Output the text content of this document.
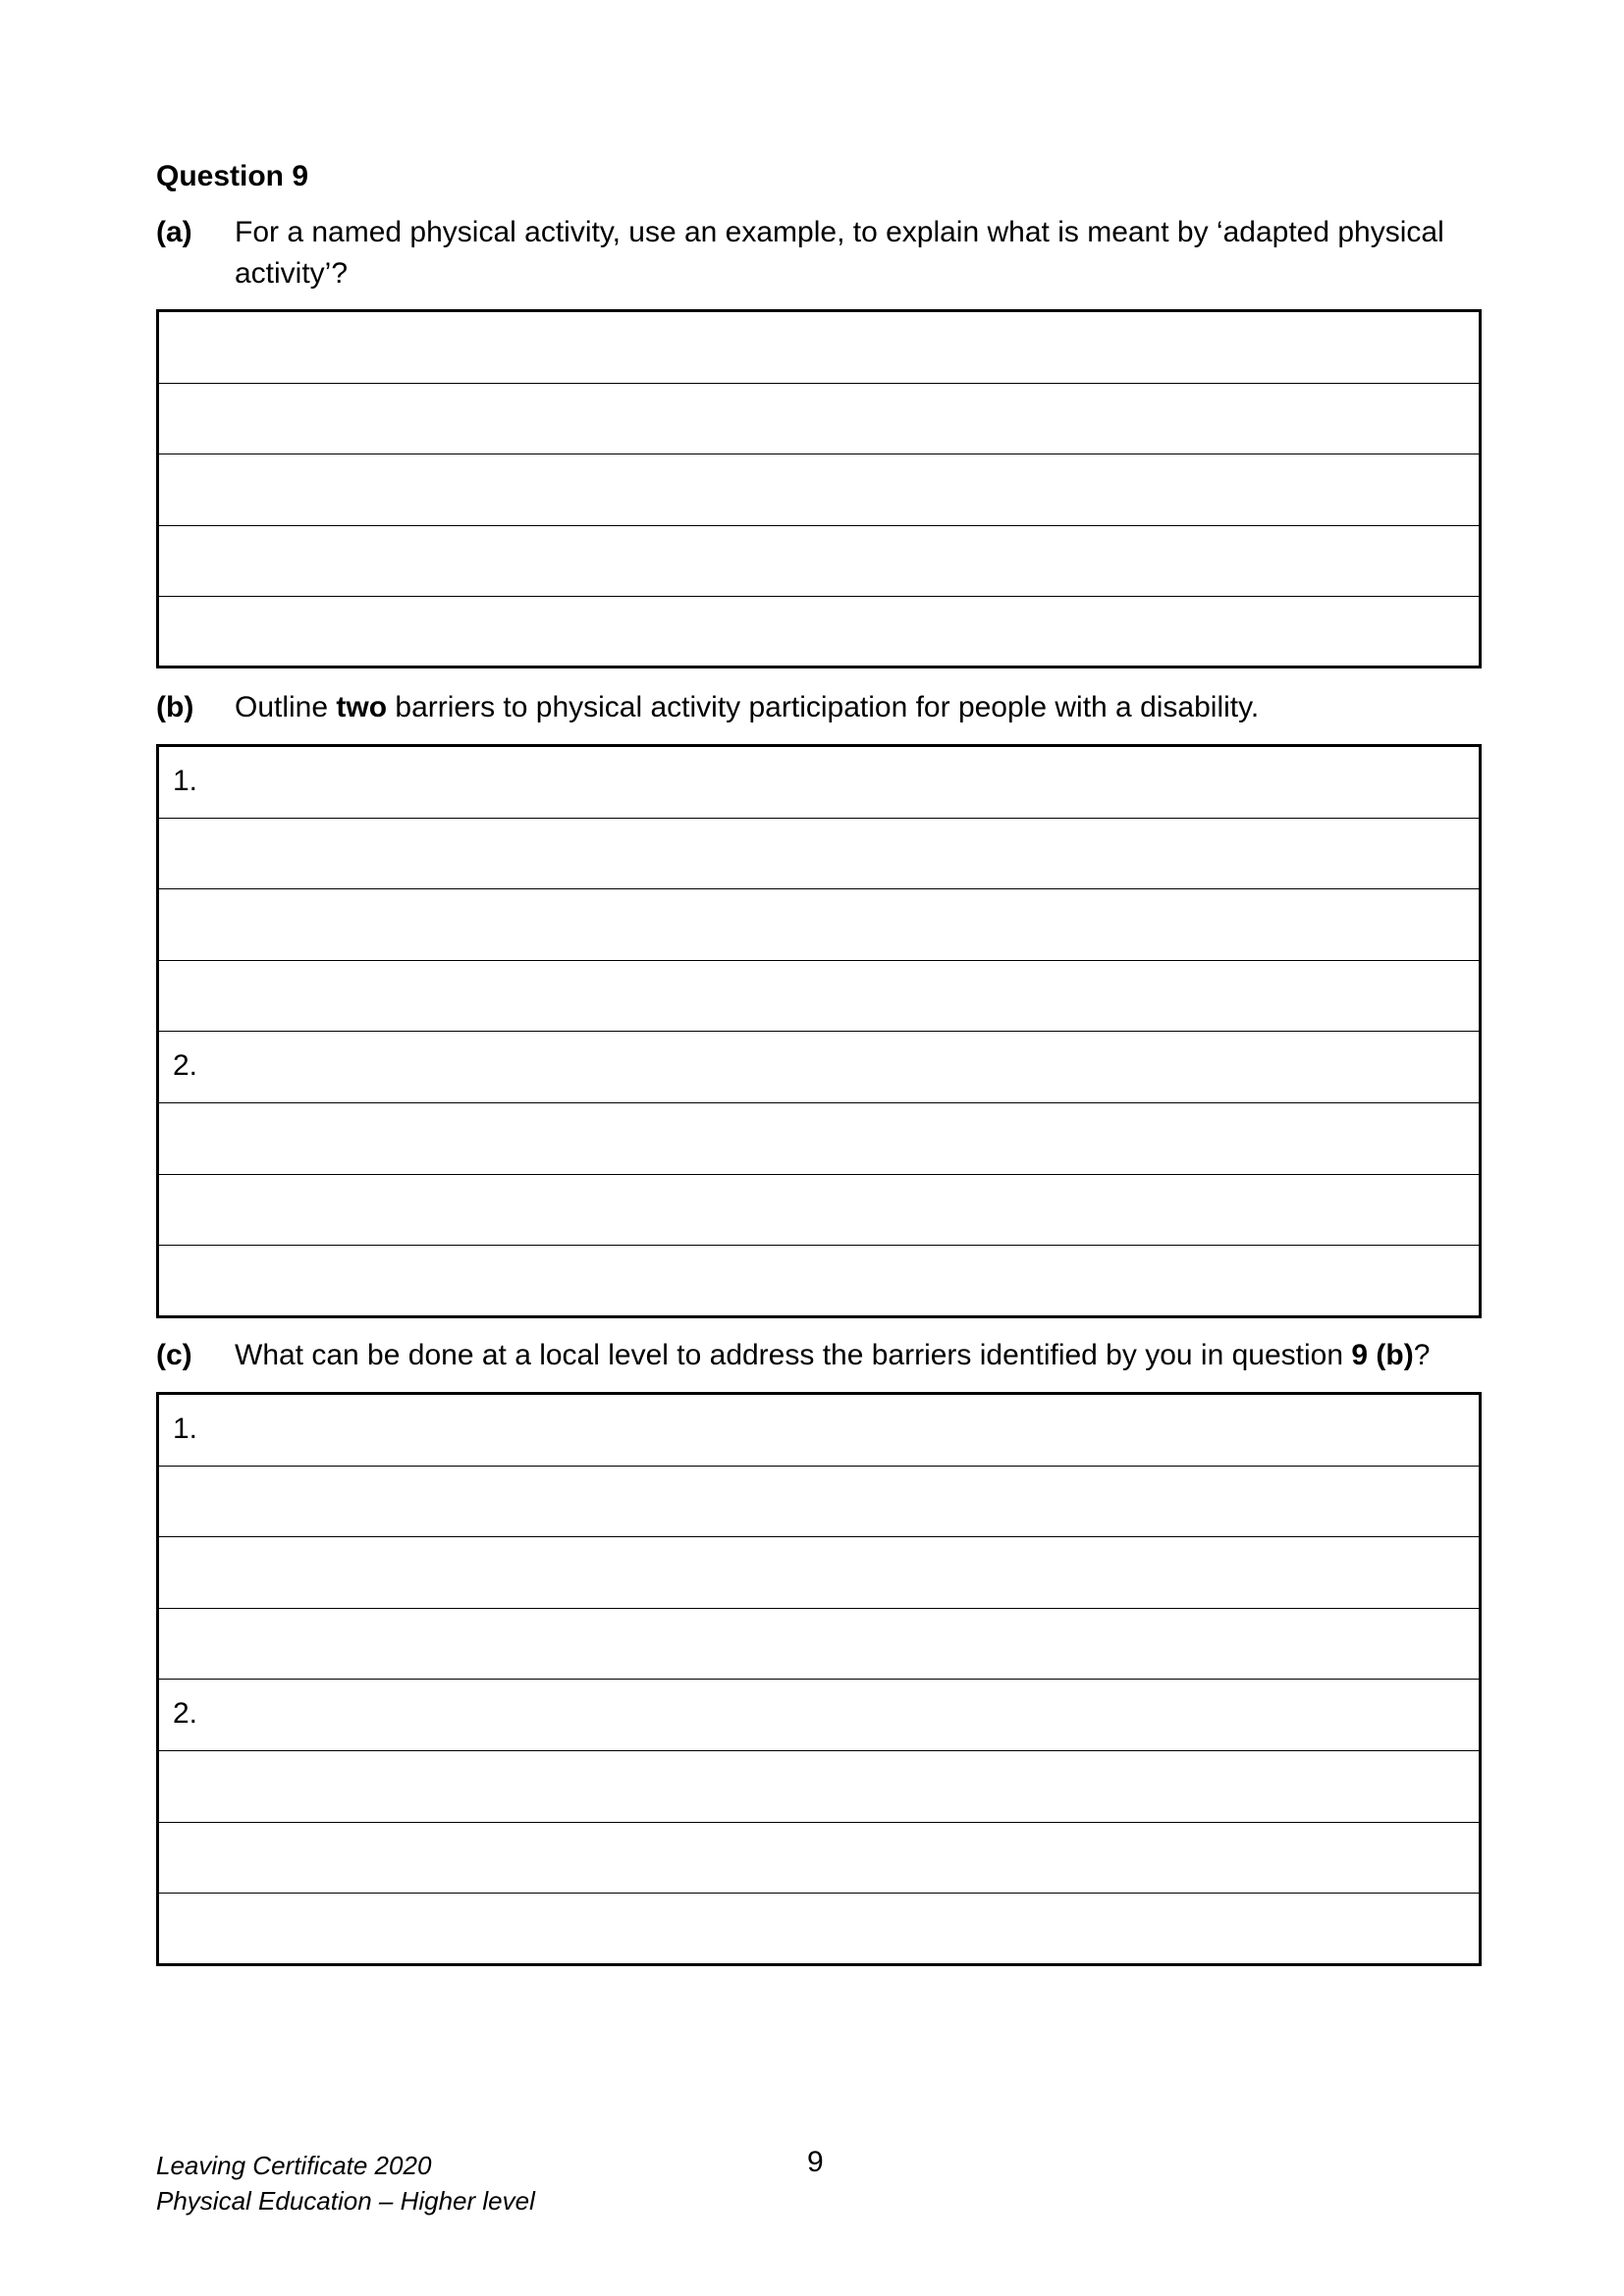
Question 9
(a) For a named physical activity, use an example, to explain what is meant by ‘adapted physical activity’?
(b) Outline two barriers to physical activity participation for people with a disability.
1.
2.
(c) What can be done at a local level to address the barriers identified by you in question 9 (b)?
1.
2.
Leaving Certificate 2020
Physical Education – Higher level
9
